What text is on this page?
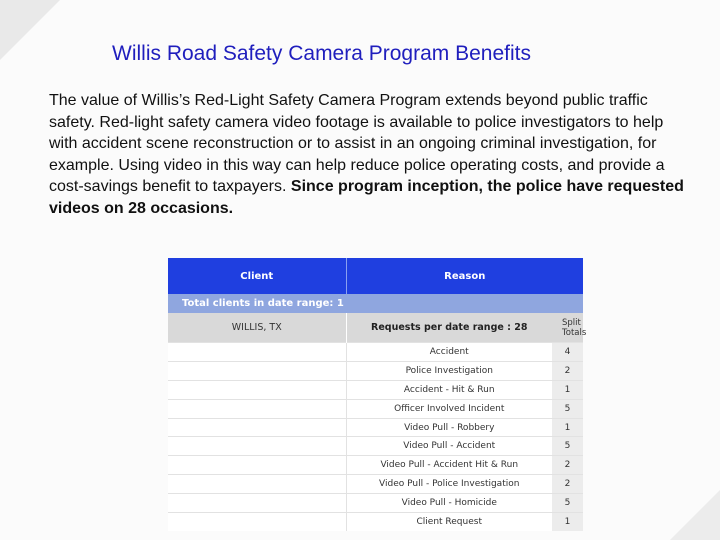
Willis Road Safety Camera Program Benefits
The value of Willis’s Red-Light Safety Camera Program extends beyond public traffic safety. Red-light safety camera video footage is available to police investigators to help with accident scene reconstruction or to assist in an ongoing criminal investigation, for example. Using video in this way can help reduce police operating costs, and provide a cost-savings benefit to taxpayers. Since program inception, the police have requested videos on 28 occasions.
Client	Reason	
Total clients in date range: 1		
WILLIS, TX	Requests per date range : 28	Split Totals
	Accident	4
	Police Investigation	2
	Accident - Hit & Run	1
	Officer Involved Incident	5
	Video Pull - Robbery	1
	Video Pull - Accident	5
	Video Pull - Accident Hit & Run	2
	Video Pull - Police Investigation	2
	Video Pull - Homicide	5
	Client Request	1
